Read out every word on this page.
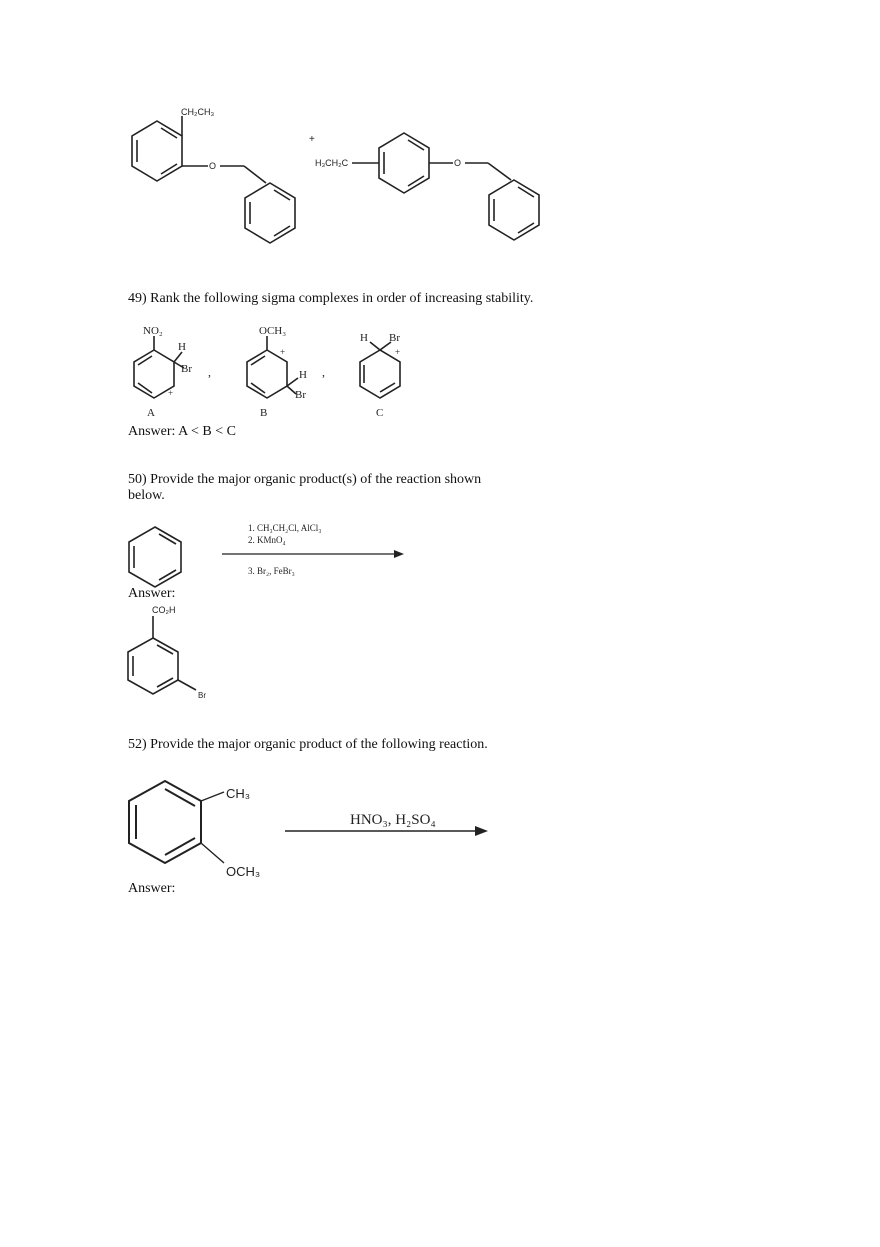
CH₂CH₃
O
+
H₃CH₂C	O
49) Rank the following sigma complexes in order of increasing stability.
NO₂
H
Br
+
A
,
OCH₃
+
H
Br
B
,
H Br
+
C
Answer: A < B < C
50) Provide the major organic product(s) of the reaction shown below.
1. CH₃CH₂Cl, AlCl₃
2. KMnO₄
3. Br₂, FeBr₃
Answer:
CO₂H
Br
52) Provide the major organic product of the following reaction.
CH₃
OCH₃
HNO₃, H₂SO₄
Answer:
